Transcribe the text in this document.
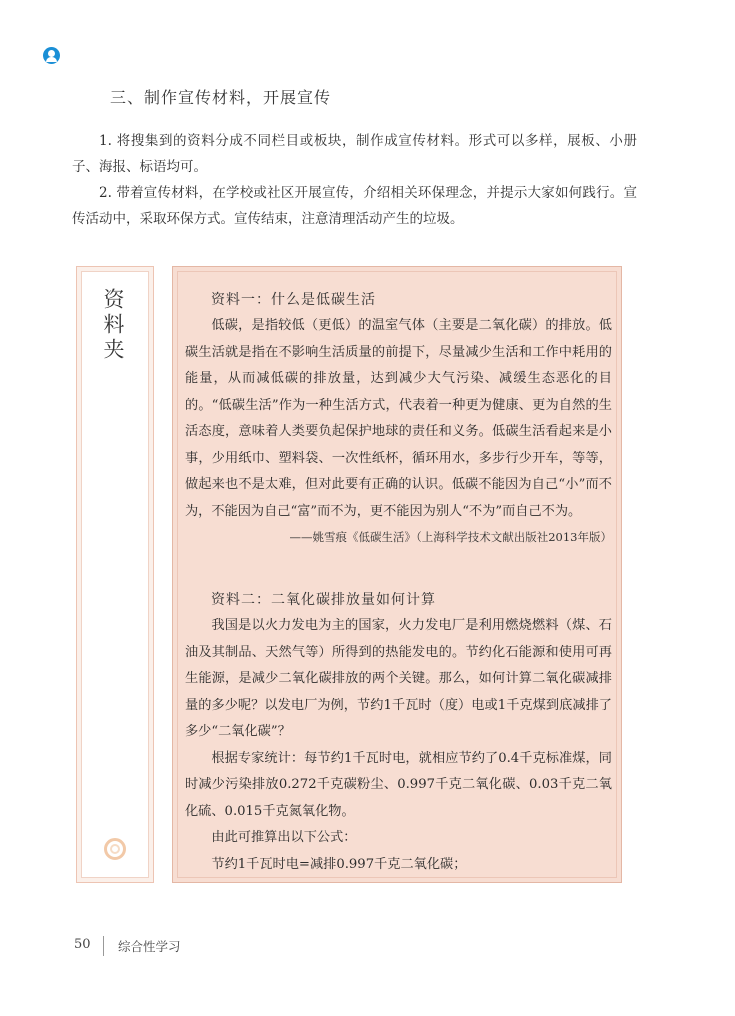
三、制作宣传材料，开展宣传

1. 将搜集到的资料分成不同栏目或板块，制作成宣传材料。形式可以多样，展板、小册子、海报、标语均可。

2. 带着宣传材料，在学校或社区开展宣传，介绍相关环保理念，并提示大家如何践行。宣传活动中，采取环保方式。宣传结束，注意清理活动产生的垃圾。

资料夹	资料一：什么是低碳生活

低碳，是指较低（更低）的温室气体（主要是二氧化碳）的排放。低碳生活就是指在不影响生活质量的前提下，尽量减少生活和工作中耗用的能量，从而减低碳的排放量，达到减少大气污染、减缓生态恶化的目的。“低碳生活”作为一种生活方式，代表着一种更为健康、更为自然的生活态度，意味着人类要负起保护地球的责任和义务。低碳生活看起来是小事，少用纸巾、塑料袋、一次性纸杯，循环用水，多步行少开车，等等，做起来也不是太难，但对此要有正确的认识。低碳不能因为自己“小”而不为，不能因为自己“富”而不为，更不能因为别人“不为”而自己不为。

——姚雪痕《低碳生活》（上海科学技术文献出版社2013年版）

资料二：二氧化碳排放量如何计算

我国是以火力发电为主的国家，火力发电厂是利用燃烧燃料（煤、石油及其制品、天然气等）所得到的热能发电的。节约化石能源和使用可再生能源，是减少二氧化碳排放的两个关键。那么，如何计算二氧化碳减排量的多少呢？以发电厂为例，节约1千瓦时（度）电或1千克煤到底减排了多少“二氧化碳”？

根据专家统计：每节约1千瓦时电，就相应节约了0.4千克标准煤，同时减少污染排放0.272千克碳粉尘、0.997千克二氧化碳、0.03千克二氧化硫、0.015千克氮氧化物。

由此可推算出以下公式：

节约1千瓦时电=减排0.997千克二氧化碳；

50 综合性学习
